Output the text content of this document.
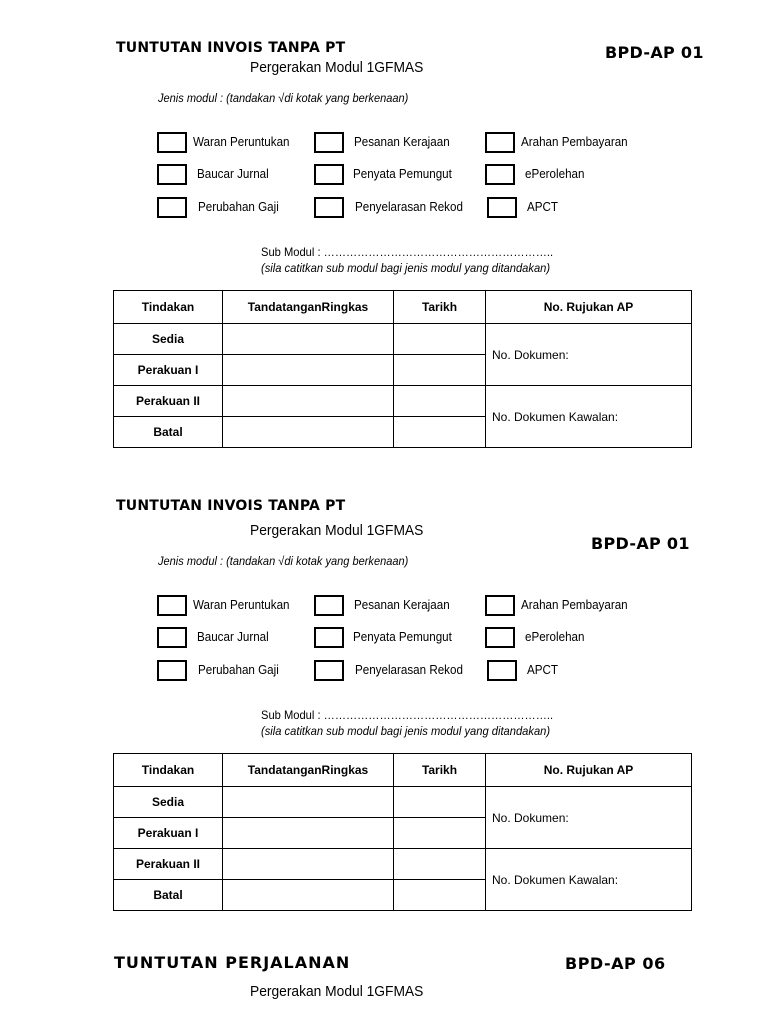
TUNTUTAN INVOIS TANPA PT	BPD-AP 01
Pergerakan Modul 1GFMAS
Jenis modul : (tandakan √di kotak yang berkenaan)
Waran Peruntukan	Pesanan Kerajaan	Arahan Pembayaran
Baucar Jurnal	Penyata Pemungut	ePerolehan
Perubahan Gaji	Penyelarasan Rekod	APCT
Sub Modul : ……………………………………………………..
(sila catitkan sub modul bagi jenis modul yang ditandakan)
Tindakan	TandatanganRingkas	Tarikh	No. Rujukan AP
Sedia			No. Dokumen:
Perakuan I			
Perakuan II			No. Dokumen Kawalan:
Batal			
TUNTUTAN INVOIS TANPA PT
Pergerakan Modul 1GFMAS
BPD-AP 01
Jenis modul : (tandakan √di kotak yang berkenaan)
Waran Peruntukan	Pesanan Kerajaan	Arahan Pembayaran
Baucar Jurnal	Penyata Pemungut	ePerolehan
Perubahan Gaji	Penyelarasan Rekod	APCT
Sub Modul : ……………………………………………………..
(sila catitkan sub modul bagi jenis modul yang ditandakan)
Tindakan	TandatanganRingkas	Tarikh	No. Rujukan AP
Sedia			No. Dokumen:
Perakuan I			
Perakuan II			No. Dokumen Kawalan:
Batal			
TUNTUTAN PERJALANAN	BPD-AP 06
Pergerakan Modul 1GFMAS
